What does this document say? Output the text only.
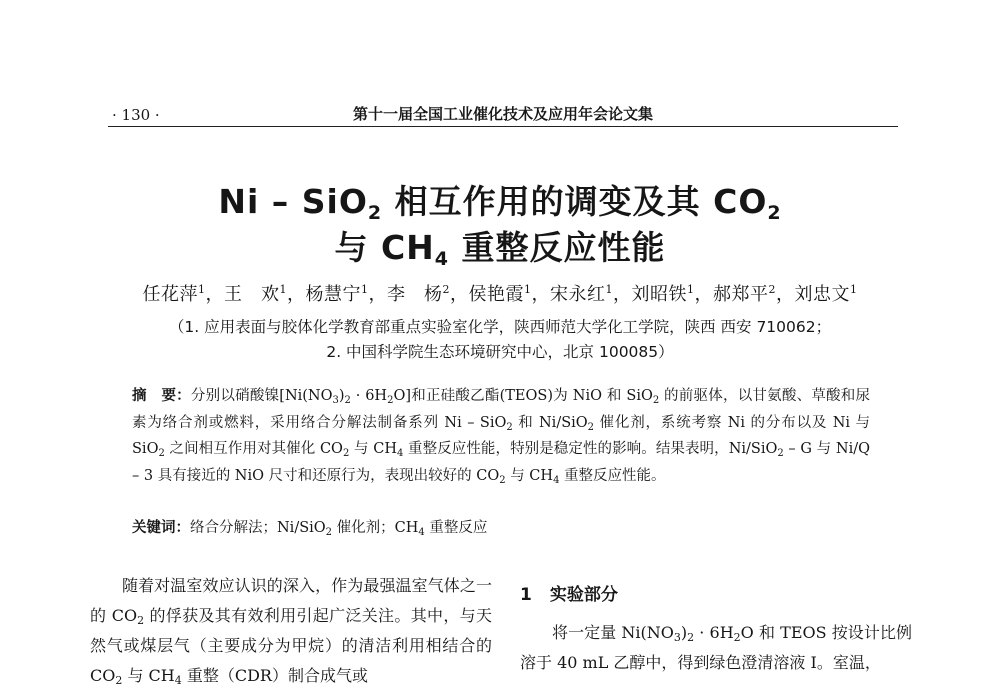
· 130 ·	第十一届全国工业催化技术及应用年会论文集
Ni – SiO$_2$ 相互作用的调变及其 $CO_2$
与 $CH_4$ 重整反应性能
任花萍$^1$，王　欢$^1$，杨慧宁$^1$，李　杨$^2$，侯艳霞$^1$，宋永红$^1$，刘昭铁$^1$，郝郑平$^2$，刘忠文$^1$
（1. 应用表面与胶体化学教育部重点实验室化学，陕西师范大学化工学院，陕西 西安 710062；
2. 中国科学院生态环境研究中心，北京 100085）
摘　要：分别以硝酸镍$[Ni(NO_3)_2 \cdot 6H_2O]$和正硅酸乙酯(TEOS)为 NiO 和 SiO$_2$ 的前驱体，以甘氨酸、草酸和尿素为络合剂或燃料，采用络合分解法制备系列 Ni – SiO$_2$ 和 Ni/SiO$_2$ 催化剂，系统考察 Ni 的分布以及 Ni 与 SiO$_2$ 之间相互作用对其催化 $CO_2$ 与 $CH_4$ 重整反应性能，特别是稳定性的影响。结果表明，Ni/SiO$_2$ – G 与 Ni/Q – 3 具有接近的 NiO 尺寸和还原行为，表现出较好的 $CO_2$ 与 $CH_4$ 重整反应性能。
关键词：络合分解法；Ni/SiO$_2$ 催化剂；$CH_4$ 重整反应

随着对温室效应认识的深入，作为最强温室气体之一的 $CO_2$ 的俘获及其有效利用引起广泛关注。其中，与天然气或煤层气（主要成分为甲烷）的清洁利用相结合的 $CO_2$ 与 $CH_4$ 重整（CDR）制合成气或

1 实验部分

将一定量 $Ni(NO_3)_2 \cdot 6H_2O$ 和 TEOS 按设计比例溶于 40 mL 乙醇中，得到绿色澄清溶液 Ⅰ。室温，
